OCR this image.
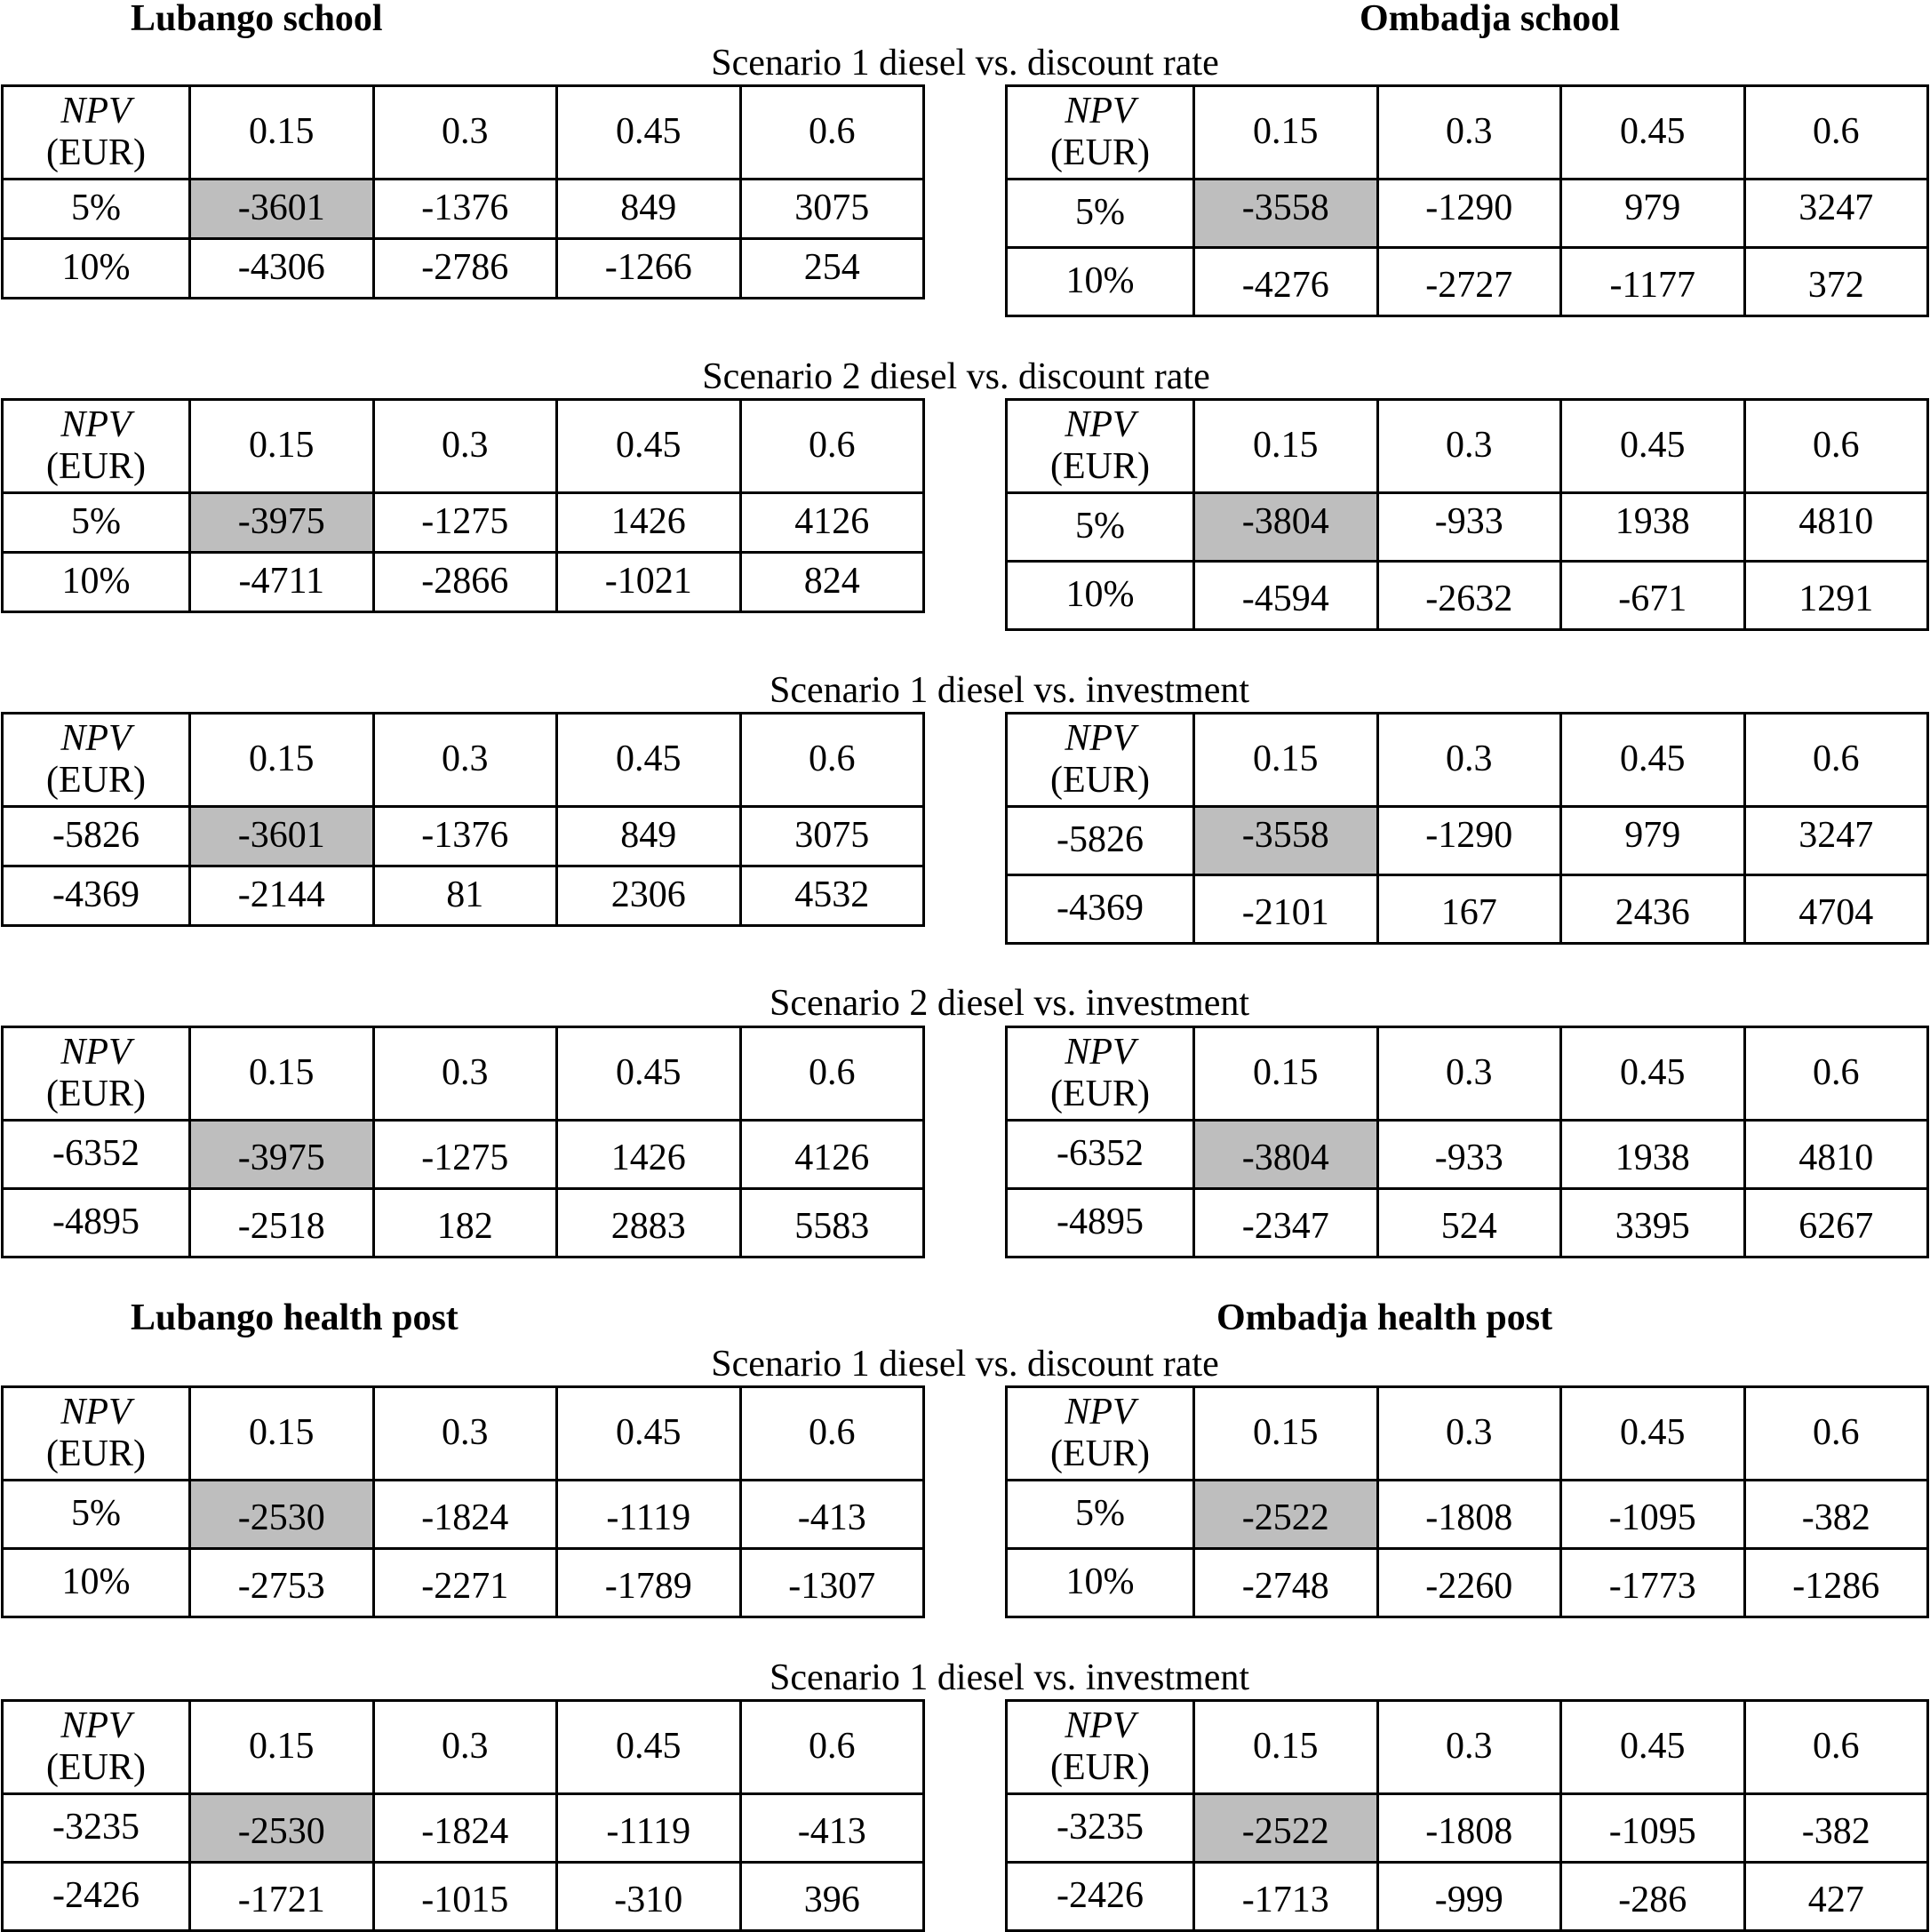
Lubango school	Ombadja school
Lubango health post	Ombadja health post
Scenario 1 diesel vs. discount rate
Scenario 2 diesel vs. discount rate
Scenario 1 diesel vs. investment
Scenario 2 diesel vs. investment
Scenario 1 diesel vs. discount rate
Scenario 1 diesel vs. investment
NPV
(EUR)	0.15	0.3	0.45	0.6
5%	-3601	-1376	849	3075
10%	-4306	-2786	-1266	254
NPV
(EUR)	0.15	0.3	0.45	0.6
5%	-3558	-1290	979	3247
10%	-4276	-2727	-1177	372
NPV
(EUR)	0.15	0.3	0.45	0.6
5%	-3975	-1275	1426	4126
10%	-4711	-2866	-1021	824
NPV
(EUR)	0.15	0.3	0.45	0.6
5%	-3804	-933	1938	4810
10%	-4594	-2632	-671	1291
NPV
(EUR)	0.15	0.3	0.45	0.6
-5826	-3601	-1376	849	3075
-4369	-2144	81	2306	4532
NPV
(EUR)	0.15	0.3	0.45	0.6
-5826	-3558	-1290	979	3247
-4369	-2101	167	2436	4704
NPV
(EUR)	0.15	0.3	0.45	0.6
-6352	-3975	-1275	1426	4126
-4895	-2518	182	2883	5583
NPV
(EUR)	0.15	0.3	0.45	0.6
-6352	-3804	-933	1938	4810
-4895	-2347	524	3395	6267
NPV
(EUR)	0.15	0.3	0.45	0.6
5%	-2530	-1824	-1119	-413
10%	-2753	-2271	-1789	-1307
NPV
(EUR)	0.15	0.3	0.45	0.6
5%	-2522	-1808	-1095	-382
10%	-2748	-2260	-1773	-1286
NPV
(EUR)	0.15	0.3	0.45	0.6
-3235	-2530	-1824	-1119	-413
-2426	-1721	-1015	-310	396
NPV
(EUR)	0.15	0.3	0.45	0.6
-3235	-2522	-1808	-1095	-382
-2426	-1713	-999	-286	427
